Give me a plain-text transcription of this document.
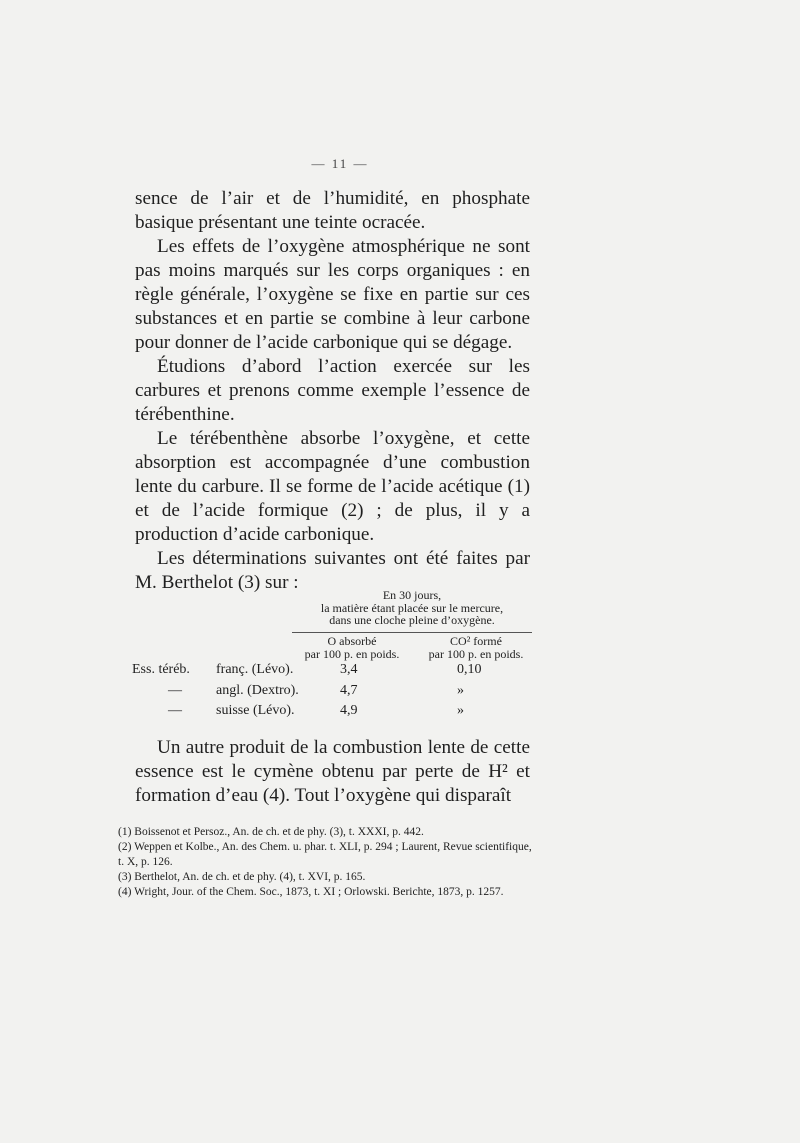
— 11 —

sence de l’air et de l’humidité, en phosphate basique présentant une teinte ocracée.

Les effets de l’oxygène atmosphérique ne sont pas moins marqués sur les corps organiques : en règle générale, l’oxygène se fixe en partie sur ces substances et en partie se combine à leur carbone pour donner de l’acide carbonique qui se dégage.

Étudions d’abord l’action exercée sur les carbures et prenons comme exemple l’essence de térébenthine.

Le térébenthène absorbe l’oxygène, et cette absorption est accompagnée d’une combustion lente du carbure. Il se forme de l’acide acétique (1) et de l’acide formique (2) ; de plus, il y a production d’acide carbonique.

Les déterminations suivantes ont été faites par M. Berthelot (3) sur :

En 30 jours,
la matière étant placée sur le mercure,
dans une cloche pleine d’oxygène.
O absorbé
par 100 p. en poids.
CO² formé
par 100 p. en poids.
Ess. téréb. franç. (Lévo).	3,4	0,10
— angl. (Dextro).	4,7	»
— suisse (Lévo).	4,9	»

Un autre produit de la combustion lente de cette essence est le cymène obtenu par perte de H² et formation d’eau (4). Tout l’oxygène qui disparaît

(1) Boissenot et Persoz., An. de ch. et de phy. (3), t. XXXI, p. 442.
(2) Weppen et Kolbe., An. des Chem. u. phar. t. XLI, p. 294 ; Laurent, Revue scientifique, t. X, p. 126.
(3) Berthelot, An. de ch. et de phy. (4), t. XVI, p. 165.
(4) Wright, Jour. of the Chem. Soc., 1873, t. XI ; Orlowski. Berichte, 1873, p. 1257.
